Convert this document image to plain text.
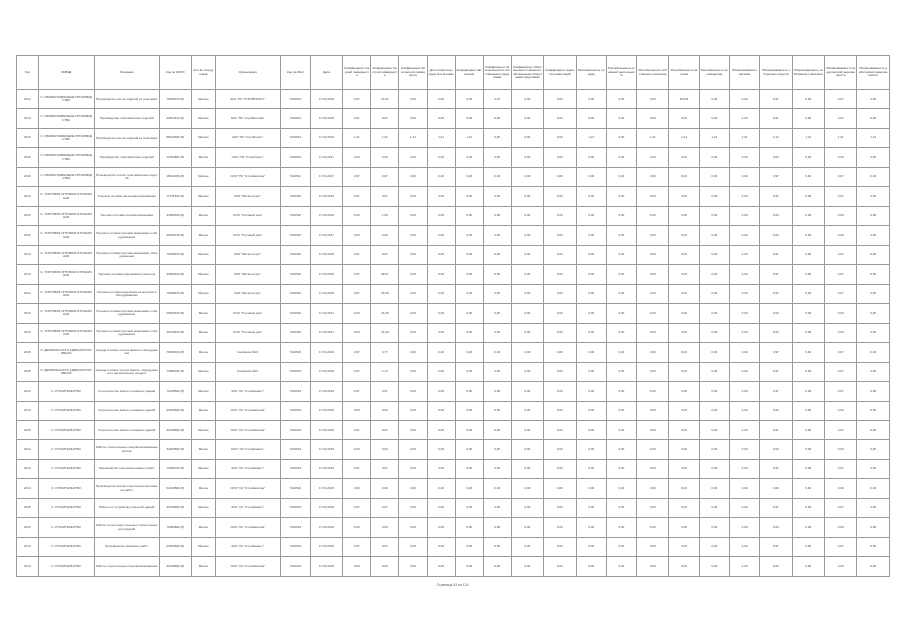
Год	ОКВЭД	Описание	Код по ОКПО	Кол-во сотрудников	Организация	Код по ИНН	Дата	Коэффициент текущей ликвидности	Коэффициент быстрой ликвидности	Коэффициент абсолютной ликвидности	Доля оборотных средств в активах	Коэффициент автономии	Коэффициент обеспеченности собственными средствами	Коэффициент обеспеченности запасов собственными оборотными средствами	Коэффициент покрытия инвестиций	Рентабельность продаж	Рентабельность основной деятельности	Рентабельность собственного капитала	Рентабельность активов	Рентабельность производства	Оборачиваемость активов	Оборачиваемость оборотных средств	Оборачиваемость собственного капитала	Оборачиваемость кредиторской задолженности	Оборачиваемость дебиторской задолженности
2014	С. ОБРАБАТЫВАЮЩИЕ ПРОИЗВОДСТВА	Производство прочих изделий из пластмасс	75815373 (8)	Мелкое	ЗАО "ПК "СТРОЙПЛАСТ"	7410521	17.04.2015	0,97	13,26	0,00	0,00	0,00	0,97	0,00	0,00	0,00	0,00	0,00	119,81	0,00	0,00	0,97	0,00	0,97	0,00
2014	С. ОБРАБАТЫВАЮЩИЕ ПРОИЗВОДСТВА	Производство пластмассовых изделий	42873413 (8)	Мелкое	ЗАО "ПК "Строймонтаж"	7410521	17.04.2015	0,97	0,97	0,00	0,00	0,00	0,00	0,00	0,00	0,00	0,00	0,00	0,00	0,00	0,00	0,97	0,00	0,97	0,00
2015	С. ОБРАБАТЫВАЮЩИЕ ПРОИЗВОДСТВА	Производство прочих изделий из пластмасс	98123482 (8)	Мелкое	ЗАО "ПК "Стройпласт"	7410521	17.04.2016	1,21	1,21	1,21	1,21	1,21	0,00	0,00	0,00	1,21	0,00	1,21	1,21	1,21	1,21	1,21	1,21	1,21	1,21
2016	С. ОБРАБАТЫВАЮЩИЕ ПРОИЗВОДСТВА	Производство пластмассовых изделий	12764801 (8)	Малое	ООО "ПК "Стройпласт"	7410521	17.04.2017	0,00	0,00	0,00	0,00	0,00	0,00	0,00	0,00	0,00	0,00	0,00	0,00	0,00	0,00	0,00	0,00	0,00	0,00
2016	С. ОБРАБАТЫВАЮЩИЕ ПРОИЗВОДСТВА	Производство прочих пластмассовых изделий	18012030 (8)	Мелкое	ООО "ПК "Строймонтаж"	7410521	17.04.2017	0,97	0,97	0,00	0,00	0,00	0,00	0,00	0,00	0,00	0,00	0,00	0,00	0,00	0,00	0,97	0,00	0,97	0,00
2014	G. ТОРГОВЛЯ ОПТОВАЯ И РОЗНИЧНАЯ	Торговля оптовая неспециализированная	77731632 (8)	Мелкое	ЗАО "Металлоторг"	7410522	17.04.2015	0,97	0,97	0,00	0,00	0,00	0,00	0,00	0,00	0,00	0,00	0,00	0,00	0,00	0,00	0,97	0,00	0,97	0,00
2015	G. ТОРГОВЛЯ ОПТОВАЯ И РОЗНИЧНАЯ	Торговля оптовая прочими машинами	34668034 (8)	Малое	ООО "Торговый дом"	7410522	17.04.2016	0,00	1,05	0,00	0,00	0,00	0,00	0,00	0,00	0,00	0,00	0,00	0,00	0,00	0,00	0,00	0,00	0,00	0,00
2016	G. ТОРГОВЛЯ ОПТОВАЯ И РОЗНИЧНАЯ	Торговля оптовая прочими машинами и оборудованием	46540135 (8)	Малое	ООО "Торговый дом"	7410522	17.04.2017	0,00	0,00	0,00	0,00	0,00	0,00	0,00	0,00	0,00	0,00	0,00	0,00	0,00	0,00	0,00	0,00	0,00	0,00
2014	G. ТОРГОВЛЯ ОПТОВАЯ И РОЗНИЧНАЯ	Торговля оптовая прочими машинами, оборудованием	70538970 (8)	Мелкое	ЗАО "Металлоторг"	7410522	17.04.2015	0,97	0,97	0,00	0,00	0,00	0,00	0,00	0,00	0,00	0,00	0,00	0,00	0,00	0,00	0,97	0,00	0,97	0,00
2014	G. ТОРГОВЛЯ ОПТОВАЯ И РОЗНИЧНАЯ	Торговля оптовая изделиями из металла	32569432 (8)	Мелкое	ЗАО "Металлоторг"	7410522	17.04.2015	0,97	28,57	0,00	0,00	0,00	0,00	0,00	0,00	0,00	0,00	0,00	0,00	0,00	0,00	0,97	0,00	0,97	0,00
2014	G. ТОРГОВЛЯ ОПТОВАЯ И РОЗНИЧНАЯ	Торговля оптовая изделиями из металла и оборудованием	70538970 (8)	Мелкое	ЗАО "Металлоторг"	7410522	17.04.2015	0,97	29,49	0,00	0,00	0,00	0,00	0,00	0,00	0,00	0,00	0,00	0,00	0,00	0,00	0,97	0,00	0,97	0,00
2016	G. ТОРГОВЛЯ ОПТОВАЯ И РОЗНИЧНАЯ	Торговля оптовая прочими машинами и оборудованием	29540579 (8)	Малое	ООО "Торговый дом"	7410522	17.04.2017	0,00	16,25	0,00	0,00	0,00	0,00	0,00	0,00	0,00	0,00	0,00	0,00	0,00	0,00	0,00	0,00	0,00	0,00
2016	G. ТОРГОВЛЯ ОПТОВАЯ И РОЗНИЧНАЯ	Торговля оптовая прочими машинами и оборудованием	46110335 (8)	Малое	ООО "Торговый дом"	7410522	17.04.2017	0,00	16,49	0,00	0,00	0,00	0,00	0,00	0,00	0,00	0,00	0,00	0,00	0,00	0,00	0,00	0,00	0,00	0,00
2015	N. ДЕЯТЕЛЬНОСТЬ АДМИНИСТРАТИВНАЯ	Аренда и лизинг прочих машин и оборудования	70308013 (8)	Малое	Компания ЗАО	7410523	17.04.2016	0,97	4,77	0,00	0,00	0,00	0,00	0,00	0,00	0,00	0,00	0,00	0,00	0,00	0,00	0,97	0,00	0,97	0,00
2015	N. ДЕЯТЕЛЬНОСТЬ АДМИНИСТРАТИВНАЯ	Аренда и лизинг прочих машин, оборудования и материальных средств	74508031 (8)	Мелкое	Компания ЗАО	7410523	17.04.2016	0,97	1,14	0,00	0,00	0,00	0,00	0,00	0,00	0,00	0,00	0,00	0,00	0,00	0,00	0,97	0,00	0,97	0,00
2014	F. СТРОИТЕЛЬСТВО	Строительство жилых и нежилых зданий	70138502 (8)	Мелкое	ЗАО "СК "Стройинвест"	7410524	17.04.2015	0,97	0,97	0,00	0,00	0,00	0,00	0,00	0,00	0,00	0,00	0,00	0,00	0,00	0,00	0,97	0,00	0,97	0,00
2014	F. СТРОИТЕЛЬСТВО	Строительство жилых и нежилых зданий	40106802 (8)	Малое	ООО "СК "Строймонтаж"	7410524	17.04.2015	0,00	0,00	0,00	0,00	0,00	0,00	0,00	0,00	0,00	0,00	0,00	0,00	0,00	0,00	0,00	0,00	0,00	0,00
2015	F. СТРОИТЕЛЬСТВО	Строительство жилых и нежилых зданий	30136802 (8)	Мелкое	ООО "СК "Строймонтаж"	7410524	17.04.2016	0,97	0,97	0,00	0,00	0,00	0,00	0,00	0,00	0,00	0,00	0,00	0,00	0,00	0,00	0,97	0,00	0,97	0,00
2014	F. СТРОИТЕЛЬСТВО	Работы строительные специализированные прочие	32160802 (8)	Малое	ООО "СК "Стройинвест"	7410524	17.04.2015	0,00	0,00	0,00	0,00	0,00	0,00	0,00	0,00	0,00	0,00	0,00	0,00	0,00	0,00	0,00	0,00	0,00	0,00
2014	F. СТРОИТЕЛЬСТВО	Производство электромонтажных работ	70060702 (8)	Мелкое	ЗАО "СК "Стройинвест"	7410524	17.04.2015	0,97	0,97	0,00	0,00	0,00	0,00	0,00	0,00	0,00	0,00	0,00	0,00	0,00	0,00	0,97	0,00	0,97	0,00
2014	F. СТРОИТЕЛЬСТВО	Производство прочих строительно-монтажных работ	54130802 (8)	Малое	ООО "СК "Строймонтаж"	7410524	17.04.2015	0,00	0,00	0,00	0,00	0,00	0,00	0,00	0,00	0,00	0,00	0,00	0,00	0,00	0,00	0,00	0,00	0,00	0,00
2015	F. СТРОИТЕЛЬСТВО	Работы по устройству покрытий зданий	32136802 (8)	Мелкое	ЗАО "СК "Стройинвест"	7410524	17.04.2016	0,97	0,97	0,00	0,00	0,00	0,00	0,00	0,00	0,00	0,00	0,00	0,00	0,00	0,00	0,97	0,00	0,97	0,00
2015	F. СТРОИТЕЛЬСТВО	Работы по монтажу стальных строительных конструкций	70060802 (8)	Малое	ООО "СК "Строймонтаж"	7410524	17.04.2016	0,00	0,00	0,00	0,00	0,00	0,00	0,00	0,00	0,00	0,00	0,00	0,00	0,00	0,00	0,00	0,00	0,00	0,00
2014	F. СТРОИТЕЛЬСТВО	Производство земляных работ	24063802 (8)	Мелкое	ЗАО "СК "Стройинвест"	7410524	17.04.2015	0,97	0,97	0,00	0,00	0,00	0,00	0,00	0,00	0,00	0,00	0,00	0,00	0,00	0,00	0,97	0,00	0,97	0,00
2014	F. СТРОИТЕЛЬСТВО	Работы строительные специализированные	32136802 (8)	Малое	ООО "СК "Строймонтаж"	7410524	17.04.2015	0,00	0,00	0,00	0,00	0,00	0,00	0,00	0,00	0,00	0,00	0,00	0,00	0,00	0,00	0,00	0,00	0,00	0,00
Страница 54 из 124
